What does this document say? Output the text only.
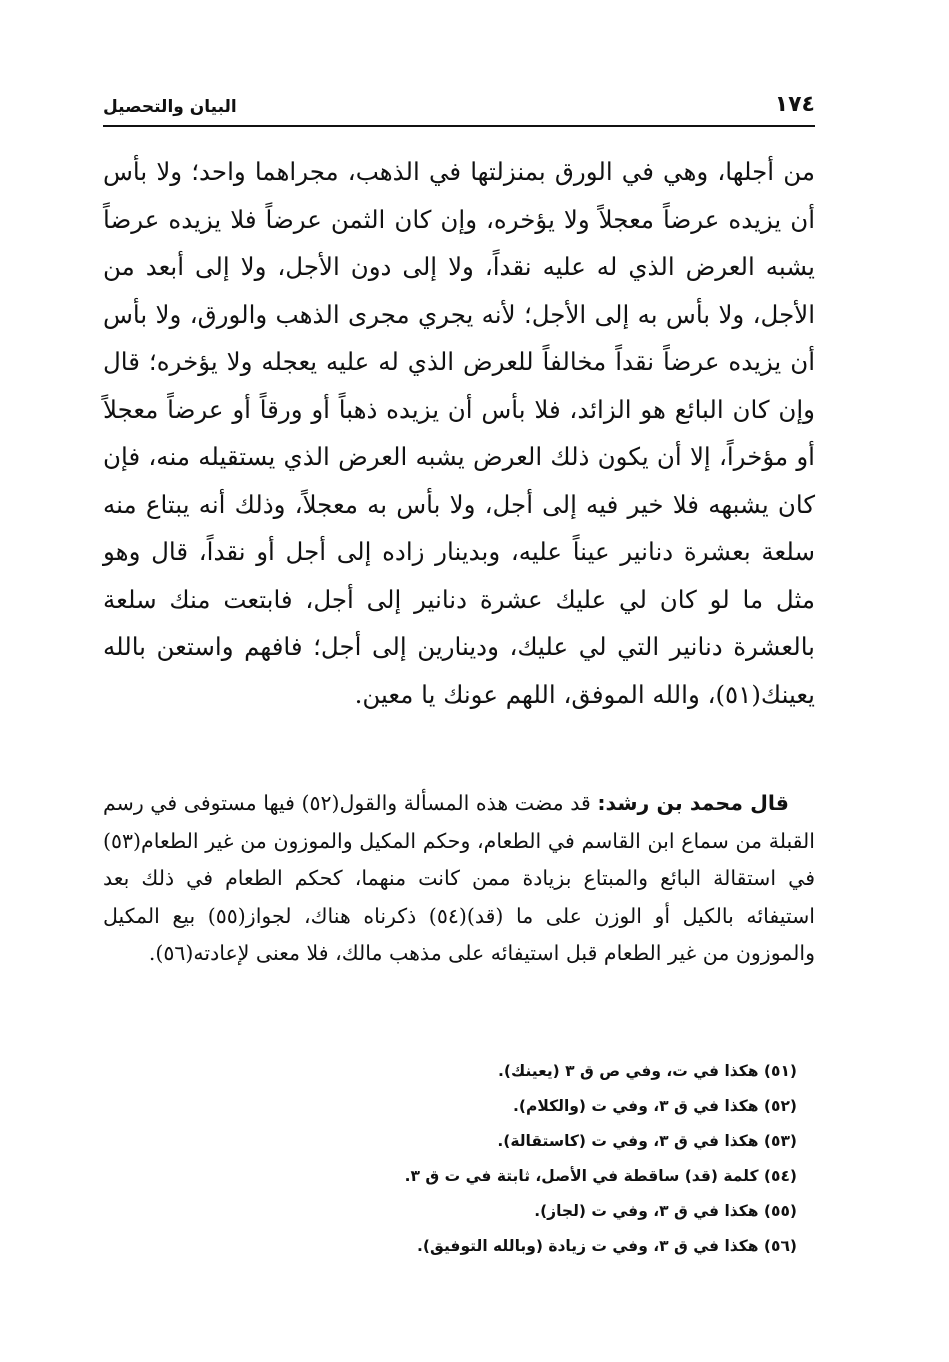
١٧٤
البيان والتحصيل

من أجلها، وهي في الورق بمنزلتها في الذهب، مجراهما واحد؛ ولا بأس أن يزيده عرضاً معجلاً ولا يؤخره، وإن كان الثمن عرضاً فلا يزيده عرضاً يشبه العرض الذي له عليه نقداً، ولا إلى دون الأجل، ولا إلى أبعد من الأجل، ولا بأس به إلى الأجل؛ لأنه يجري مجرى الذهب والورق، ولا بأس أن يزيده عرضاً نقداً مخالفاً للعرض الذي له عليه يعجله ولا يؤخره؛ قال وإن كان البائع هو الزائد، فلا بأس أن يزيده ذهباً أو ورقاً أو عرضاً معجلاً أو مؤخراً، إلا أن يكون ذلك العرض يشبه العرض الذي يستقيله منه، فإن كان يشبهه فلا خير فيه إلى أجل، ولا بأس به معجلاً، وذلك أنه يبتاع منه سلعة بعشرة دنانير عيناً عليه، وبدينار زاده إلى أجل أو نقداً، قال وهو مثل ما لو كان لي عليك عشرة دنانير إلى أجل، فابتعت منك سلعة بالعشرة دنانير التي لي عليك، ودينارين إلى أجل؛ فافهم واستعن بالله يعينك(٥١)، والله الموفق، اللهم عونك يا معين.

قال محمد بن رشد: قد مضت هذه المسألة والقول(٥٢) فيها مستوفى في رسم القبلة من سماع ابن القاسم في الطعام، وحكم المكيل والموزون من غير الطعام(٥٣) في استقالة البائع والمبتاع بزيادة ممن كانت منهما، كحكم الطعام في ذلك بعد استيفائه بالكيل أو الوزن على ما (قد)(٥٤) ذكرناه هناك، لجواز(٥٥) بيع المكيل والموزون من غير الطعام قبل استيفائه على مذهب مالك، فلا معنى لإعادته(٥٦).
(٥١) هكذا في ت، وفي ص ق ٣ (يعينك).
(٥٢) هكذا في ق ٣، وفي ت (والكلام).
(٥٣) هكذا في ق ٣، وفي ت (كاستقالة).
(٥٤) كلمة (قد) ساقطة في الأصل، ثابتة في ت ق ٣.
(٥٥) هكذا في ق ٣، وفي ت (لجاز).
(٥٦) هكذا في ق ٣، وفي ت زيادة (وبالله التوفيق).
